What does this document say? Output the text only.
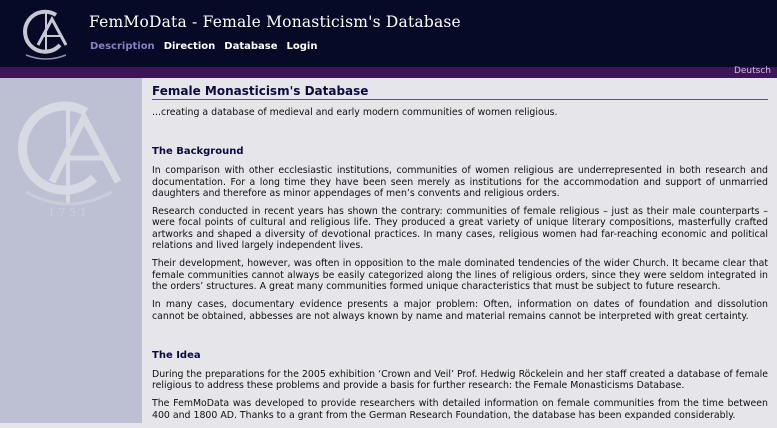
FemMoData - Female Monasticism's Database
Description Direction Database Login
Deutsch
1 7 5 1
Female Monasticism's Database

...creating a database of medieval and early modern communities of women religious.

The Background

In comparison with other ecclesiastic institutions, communities of women religious are underrepresented in both research and documentation. For a long time they have been seen merely as institutions for the accommodation and support of unmarried daughters and therefore as minor appendages of men’s convents and religious orders.

Research conducted in recent years has shown the contrary: communities of female religious – just as their male counterparts – were focal points of cultural and religious life. They produced a great variety of unique literary compositions, masterfully crafted artworks and shaped a diversity of devotional practices. In many cases, religious women had far-reaching economic and political relations and lived largely independent lives.

Their development, however, was often in opposition to the male dominated tendencies of the wider Church. It became clear that female communities cannot always be easily categorized along the lines of religious orders, since they were seldom integrated in the orders’ structures. A great many communities formed unique characteristics that must be subject to future research.

In many cases, documentary evidence presents a major problem: Often, information on dates of foundation and dissolution cannot be obtained, abbesses are not always known by name and material remains cannot be interpreted with great certainty.

The Idea

During the preparations for the 2005 exhibition ‘Crown and Veil’ Prof. Hedwig Röckelein and her staff created a database of female religious to address these problems and provide a basis for further research: the Female Monasticisms Database.

The FemMoData was developed to provide researchers with detailed information on female communities from the time between 400 and 1800 AD. Thanks to a grant from the German Research Foundation, the database has been expanded considerably.
